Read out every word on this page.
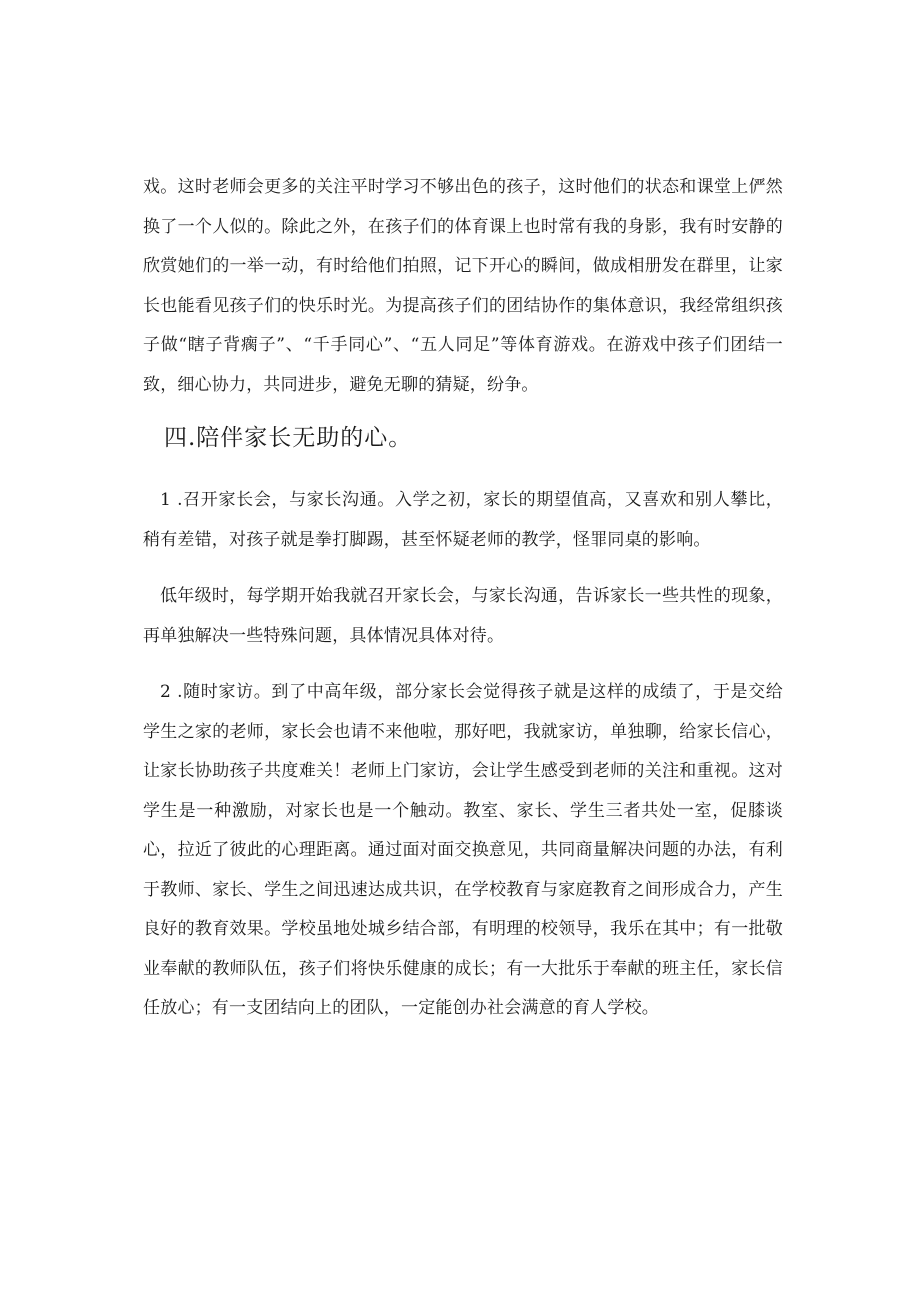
戏。这时老师会更多的关注平时学习不够出色的孩子，这时他们的状态和课堂上俨然换了一个人似的。除此之外，在孩子们的体育课上也时常有我的身影，我有时安静的欣赏她们的一举一动，有时给他们拍照，记下开心的瞬间，做成相册发在群里，让家长也能看见孩子们的快乐时光。为提高孩子们的团结协作的集体意识，我经常组织孩子做“瞎子背瘸子”、“千手同心”、“五人同足”等体育游戏。在游戏中孩子们团结一致，细心协力，共同进步，避免无聊的猜疑，纷争。

四.陪伴家长无助的心。

1 .召开家长会，与家长沟通。入学之初，家长的期望值高，又喜欢和别人攀比，稍有差错，对孩子就是拳打脚踢，甚至怀疑老师的教学，怪罪同桌的影响。

低年级时，每学期开始我就召开家长会，与家长沟通，告诉家长一些共性的现象，再单独解决一些特殊问题，具体情况具体对待。

2 .随时家访。到了中高年级，部分家长会觉得孩子就是这样的成绩了，于是交给学生之家的老师，家长会也请不来他啦，那好吧，我就家访，单独聊，给家长信心，让家长协助孩子共度难关！老师上门家访，会让学生感受到老师的关注和重视。这对学生是一种激励，对家长也是一个触动。教室、家长、学生三者共处一室，促膝谈心，拉近了彼此的心理距离。通过面对面交换意见，共同商量解决问题的办法，有利于教师、家长、学生之间迅速达成共识，在学校教育与家庭教育之间形成合力，产生良好的教育效果。学校虽地处城乡结合部，有明理的校领导，我乐在其中；有一批敬业奉献的教师队伍，孩子们将快乐健康的成长；有一大批乐于奉献的班主任，家长信任放心；有一支团结向上的团队，一定能创办社会满意的育人学校。
